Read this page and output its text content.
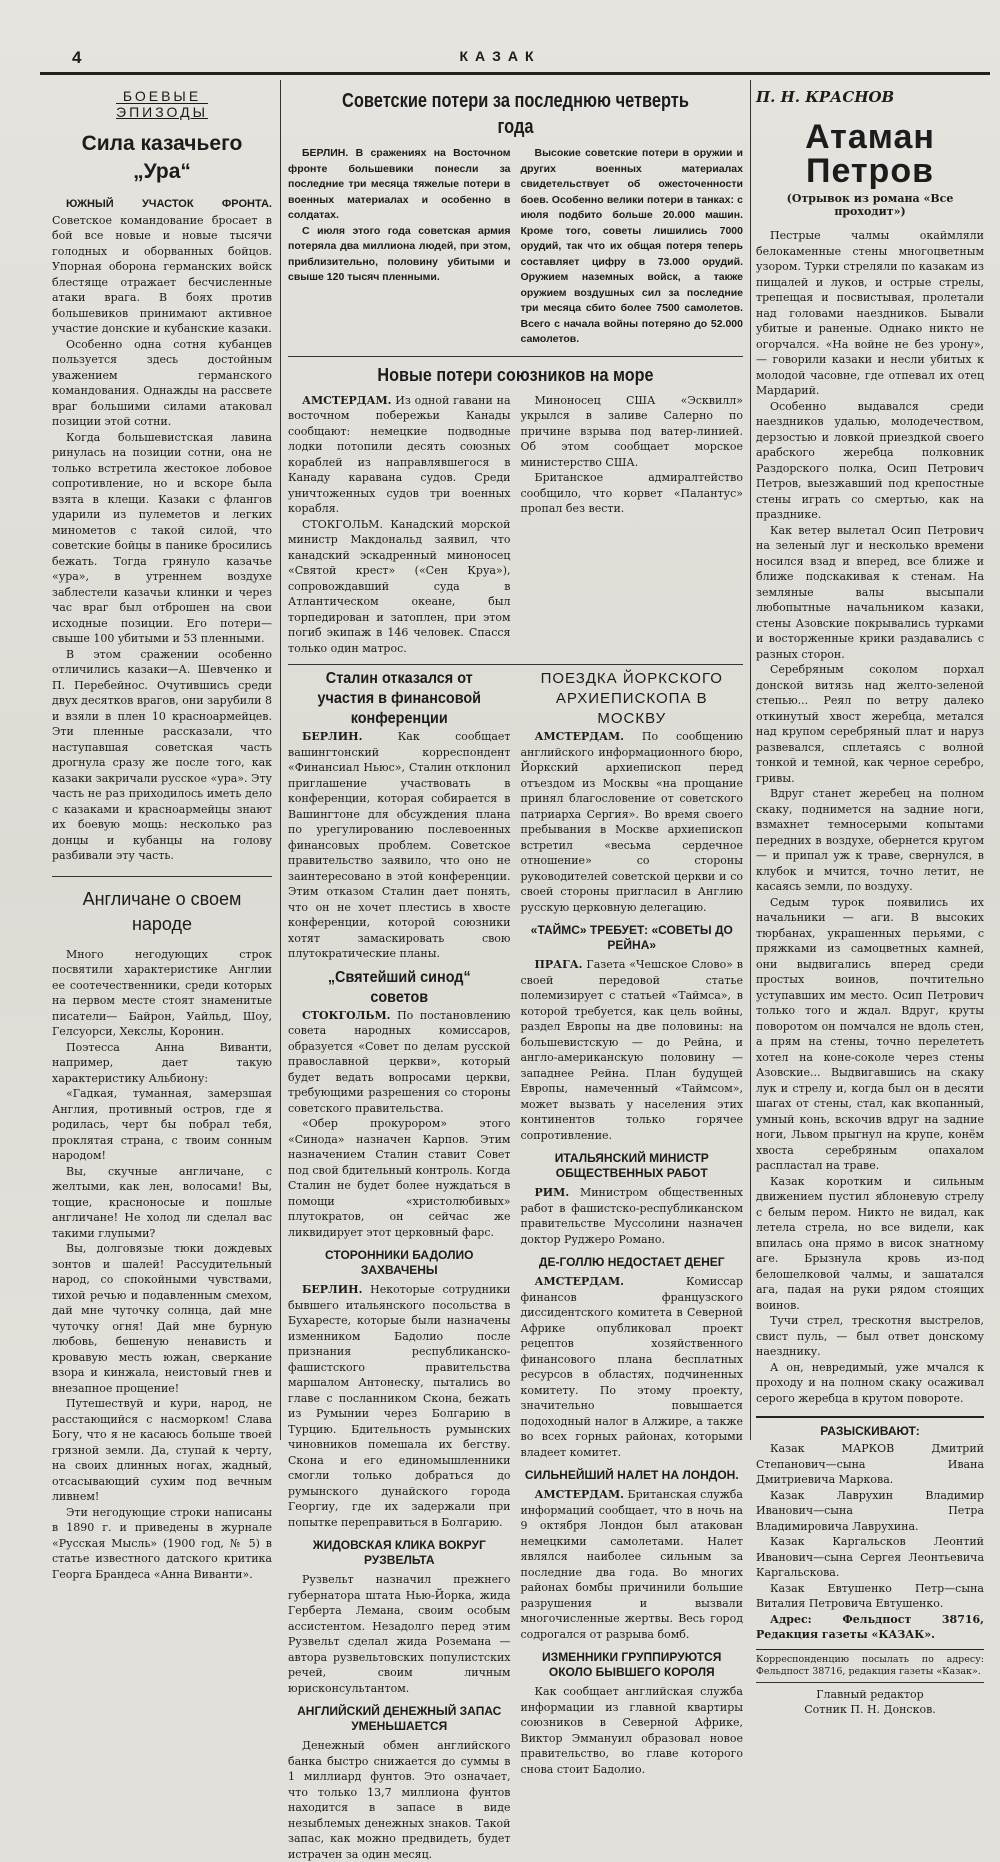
4	КАЗАК
БОЕВЫЕ
ЭПИЗОДЫ
Сила казачьего „Ура“

ЮЖНЫЙ УЧАСТОК ФРОНТА. Советское командование бросает в бой все новые и новые тысячи голодных и оборванных бойцов. Упорная оборона германских войск блестяще отражает бесчисленные атаки врага. В боях против большевиков принимают активное участие донские и кубанские казаки.

Особенно одна сотня кубанцев пользуется здесь достойным уважением германского командования. Однажды на рассвете враг большими силами атаковал позиции этой сотни.

Когда большевистская лавина ринулась на позиции сотни, она не только встретила жестокое лобовое сопротивление, но и вскоре была взята в клещи. Казаки с флангов ударили из пулеметов и легких минометов с такой силой, что советские бойцы в панике бросились бежать. Тогда грянуло казачье «ура», в утреннем воздухе заблестели казачьи клинки и через час враг был отброшен на свои исходные позиции. Его потери—свыше 100 убитыми и 53 пленными.

В этом сражении особенно отличились казаки—А. Шевченко и П. Перебейнос. Очутившись среди двух десятков врагов, они зарубили 8 и взяли в плен 10 красноармейцев. Эти пленные рассказали, что наступавшая советская часть дрогнула сразу же после того, как казаки закричали русское «ура». Эту часть не раз приходилось иметь дело с казаками и красноармейцы знают их боевую мощь: несколько раз донцы и кубанцы на голову разбивали эту часть.

Англичане о своем народе

Много негодующих строк посвятили характеристике Англии ее соотечественники, среди которых на первом месте стоят знаменитые писатели— Байрон, Уайльд, Шоу, Гелсуорси, Хекслы, Коронин.

Поэтесса Анна Виванти, например, дает такую характеристику Альбиону:

«Гадкая, туманная, замерзшая Англия, противный остров, где я родилась, черт бы побрал тебя, проклятая страна, с твоим сонным народом!

Вы, скучные англичане, с желтыми, как лен, волосами! Вы, тощие, красноносые и пошлые англичане! Не холод ли сделал вас такими глупыми?

Вы, долговязые тюки дождевых зонтов и шалей! Рассудительный народ, со спокойными чувствами, тихой речью и подавленным смехом, дай мне чуточку солнца, дай мне чуточку огня! Дай мне бурную любовь, бешеную ненависть и кровавую месть южан, сверкание взора и кинжала, неистовый гнев и внезапное прощение!

Путешествуй и кури, народ, не расстающийся с насморком! Слава Богу, что я не касаюсь больше твоей грязной земли. Да, ступай к черту, на своих длинных ногах, жадный, отсасывающий сухим под вечным ливнем!

Эти негодующие строки написаны в 1890 г. и приведены в журнале «Русская Мысль» (1900 год, № 5) в статье известного датского критика Георга Брандеса «Анна Виванти».

Советские потери за последнюю четверть года

БЕРЛИН. В сражениях на Восточном фронте большевики понесли за последние три месяца тяжелые потери в военных материалах и особенно в солдатах.

С июля этого года советская армия потеряла два миллиона людей, при этом, приблизительно, половину убитыми и свыше 120 тысяч пленными.

Высокие советские потери в оружии и других военных материалах свидетельствует об ожесточенности боев. Особенно велики потери в танках: с июля подбито больше 20.000 машин. Кроме того, советы лишились 7000 орудий, так что их общая потеря теперь составляет цифру в 73.000 орудий. Оружием наземных войск, а также оружием воздушных сил за последние три месяца сбито более 7500 самолетов. Всего с начала войны потеряно до 52.000 самолетов.

Новые потери союзников на море

АМСТЕРДАМ. Из одной гавани на восточном побережьи Канады сообщают: немецкие подводные лодки потопили десять союзных кораблей из направлявшегося в Канаду каравана судов. Среди уничтоженных судов три военных корабля.

СТОКГОЛЬМ. Канадский морской министр Макдональд заявил, что канадский эскадренный миноносец «Святой крест» («Сен Круа»), сопровождавший суда в Атлантическом океане, был торпедирован и затоплен, при этом погиб экипаж в 146 человек. Спасся только один матрос.

Миноносец США «Эсквилл» укрылся в заливе Салерно по причине взрыва под ватер-линией. Об этом сообщает морское министерство США.

Британское адмиралтейство сообщило, что корвет «Палантус» пропал без вести.

Сталин отказался от участия в финансовой конференции

БЕРЛИН.	Как сообщает вашингтонский корреспондент «Финансиал Ньюс», Сталин отклонил приглашение участвовать в конференции, которая собирается в Вашингтоне для обсуждения плана по урегулированию послевоенных финансовых проблем. Советское правительство заявило, что оно не заинтересовано в этой конференции. Этим отказом Сталин дает понять, что он не хочет плестись в хвосте конференции, которой союзники хотят замаскировать свою плутократические планы.

„Святейший синод“ советов

СТОКГОЛЬМ. По постановлению совета народных комиссаров, образуется «Совет по делам русской православной церкви», который будет ведать вопросами церкви, требующими разрешения со стороны советского правительства.

«Обер прокурором» этого «Синода» назначен Карпов. Этим назначением Сталин ставит Совет под свой бдительный контроль. Когда Сталин не будет более нуждаться в помощи «христолюбивых» плутократов, он сейчас же ликвидирует этот церковный фарс.

СТОРОННИКИ БАДОЛИО ЗАХВАЧЕНЫ

БЕРЛИН. Некоторые сотрудники бывшего итальянского посольства в Бухаресте, которые были назначены изменником Бадолио после признания республиканско-фашистского правительства маршалом Антонеску, пытались во главе с посланником Скона, бежать из Румынии через Болгарию в Турцию. Бдительность румынских чиновников помешала их бегству. Скона и его единомышленники смогли только добраться до румынского дунайского города Георгиу, где их задержали при попытке переправиться в Болгарию.

ЖИДОВСКАЯ КЛИКА ВОКРУГ РУЗВЕЛЬТА

Рузвельт назначил прежнего губернатора штата Нью-Йорка, жида Герберта Лемана, своим особым ассистентом. Незадолго перед этим Рузвельт сделал жида Роземана — автора рузвельтовских популистских речей, своим личным юрисконсультантом.

АНГЛИЙСКИЙ ДЕНЕЖНЫЙ ЗАПАС УМЕНЬШАЕТСЯ

Денежный обмен английского банка быстро снижается до суммы в 1 миллиард фунтов. Это означает, что только 13,7 миллиона фунтов находится в запасе в виде незыблемых денежных знаков. Такой запас, как можно предвидеть, будет истрачен за один месяц.

ПОЕЗДКА ЙОРКСКОГО АРХИЕПИСКОПА В МОСКВУ

АМСТЕРДАМ. По сообщению английского информационного бюро, Йоркский архиепископ перед отъездом из Москвы «на прощание принял благословение от советского патриарха Сергия». Во время своего пребывания в Москве архиепископ встретил «весьма сердечное отношение» со стороны руководителей советской церкви и со своей стороны пригласил в Англию русскую церковную делегацию.

«ТАЙМС» ТРЕБУЕТ: «СОВЕТЫ ДО РЕЙНА»

ПРАГА. Газета «Чешское Слово» в своей передовой статье полемизирует с статьей «Таймса», в которой требуется, как цель войны, раздел Европы на две половины: на большевистскую — до Рейна, и англо-американскую половину — западнее Рейна. План будущей Европы, намеченный «Таймсом», может вызвать у населения этих континентов только горячее сопротивление.

ИТАЛЬЯНСКИЙ МИНИСТР ОБЩЕСТВЕННЫХ РАБОТ

РИМ. Министром общественных работ в фашистско-республиканском правительстве Муссолини назначен доктор Руджеро Романо.

ДЕ-ГОЛЛЮ НЕДОСТАЕТ ДЕНЕГ

АМСТЕРДАМ.	Комиссар финансов французского диссидентского комитета в Северной Африке опубликовал проект рецептов хозяйственного финансового плана бесплатных ресурсов в областях, подчиненных комитету. По этому проекту, значительно повышается подоходный налог в Алжире, а также во всех горных районах, которыми владеет комитет.

СИЛЬНЕЙШИЙ НАЛЕТ НА ЛОНДОН.

АМСТЕРДАМ. Британская служба информаций сообщает, что в ночь на 9 октября Лондон был атакован немецкими самолетами. Налет являлся наиболее сильным за последние два года. Во многих районах бомбы причинили большие разрушения и вызвали многочисленные жертвы. Весь город содрогался от разрыва бомб.

ИЗМЕННИКИ ГРУППИРУЮТСЯ ОКОЛО БЫВШЕГО КОРОЛЯ

Как сообщает английская служба информации из главной квартиры союзников в Северной Африке, Виктор Эммануил образовал новое правительство, во главе которого снова стоит Бадолио.

П. Н. КРАСНОВ
Атаман
Петров
(Отрывок из романа «Все проходит»)

Пестрые чалмы окаймляли белокаменные стены многоцветным узором. Турки стреляли по казакам из пищалей и луков, и острые стрелы, трепещая и посвистывая, пролетали над головами наездников. Бывали убитые и раненые. Однако никто не огорчался. «На войне не без урону», — говорили казаки и несли убитых к молодой часовне, где отпевал их отец Мардарий.

Особенно выдавался среди наездников удалью, молодечеством, дерзостью и ловкой приездкой своего арабского жеребца полковник Раздорского полка, Осип Петрович Петров, выезжавший под крепостные стены играть со смертью, как на празднике.

Как ветер вылетал Осип Петрович на зеленый луг и несколько времени носился взад и вперед, все ближе и ближе подскакивая к стенам. На земляные валы высыпали любопытные начальником казаки, стены Азовские покрывались турками и восторженные крики раздавались с разных сторон.

Серебряным соколом порхал донской витязь над желто-зеленой степью... Реял по ветру далеко откинутый хвост жеребца, метался над крупом серебряный плат и наруз развевался, сплетаясь с волной тонкой и темной, как черное серебро, гривы.

Вдруг станет жеребец на полном скаку, поднимется на задние ноги, взмахнет темносерыми копытами передних в воздухе, обернется кругом — и припал уж к траве, свернулся, в клубок и мчится, точно летит, не касаясь земли, по воздуху.

Седым турок появились их начальники — аги. В высоких тюрбанах, украшенных перьями, с пряжками из самоцветных камней, они выдвигались вперед среди простых воинов, почтительно уступавших им место. Осип Петрович только того и ждал. Вдруг, круты поворотом он помчался не вдоль стен, а прям на стены, точно перелететь хотел на коне-соколе через стены Азовские... Выдвигавшись на скаку лук и стрелу и, когда был он в десяти шагах от стены, стал, как вкопанный, умный конь, вскочив вдруг на задние ноги, Львом прыгнул на крупе, конём хвоста серебряным опахалом распластал на траве.

Казак коротким и сильным движением пустил яблоневую стрелу с белым пером. Никто не видал, как летела стрела, но все видели, как впилась она прямо в висок знатному аге. Брызнула кровь из-под белошелковой чалмы, и зашатался ага, падая на руки рядом стоящих воинов.

Тучи стрел, трескотня выстрелов, свист пуль, — был ответ донскому наезднику.

А он, невредимый, уже мчался к проходу и на полном скаку осаживал серого жеребца в крутом повороте.

РАЗЫСКИВАЮТ:

Казак МАРКОВ Дмитрий Степанович—сына Ивана Дмитриевича Маркова.

Казак Лаврухин Владимир Иванович—сына Петра Владимировича Лаврухина.

Казак Каргальсков Леонтий Иванович—сына Сергея Леонтьевича Каргальскова.

Казак Евтушенко Петр—сына Виталия Петровича Евтушенко.

Адрес: Фельдпост 38716, Редакция газеты «КАЗАК».

Корреспонденцию посылать по адресу: Фельдпост 38716, редакция газеты «Казак».

Главный редактор
Сотник П. Н. Донсков.
